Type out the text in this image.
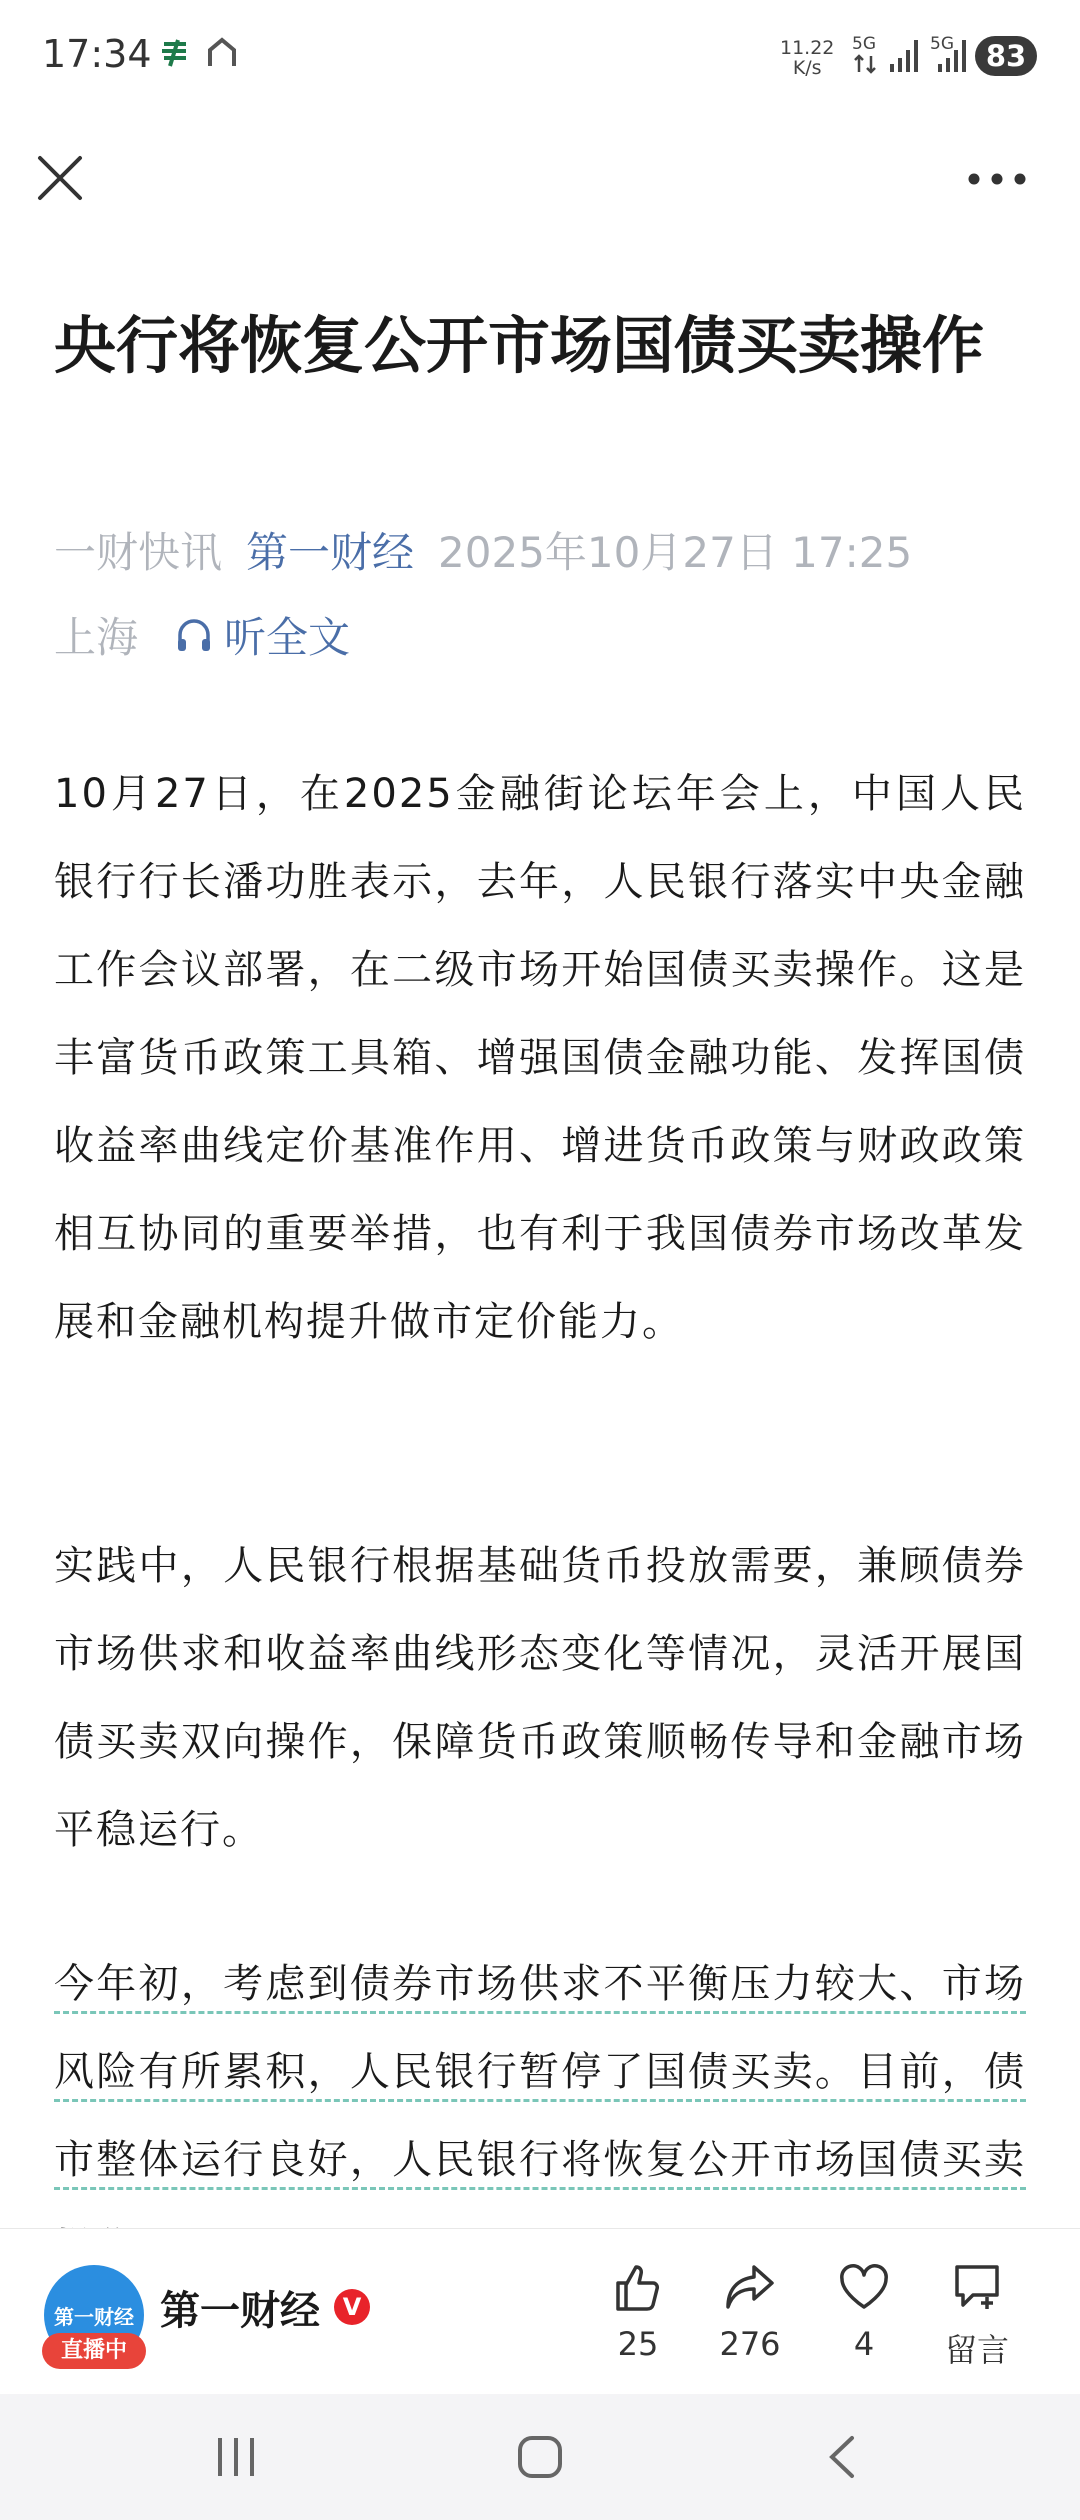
17:34	11.22
K/s
5G	5G	83
央行将恢复公开市场国债买卖操作
一财快讯 第一财经 2025年10月27日 17:25
上海 听全文

10月27日，在2025金融街论坛年会上，中国人民银行行长潘功胜表示，去年，人民银行落实中央金融工作会议部署，在二级市场开始国债买卖操作。这是丰富货币政策工具箱、增强国债金融功能、发挥国债收益率曲线定价基准作用、增进货币政策与财政政策相互协同的重要举措，也有利于我国债券市场改革发展和金融机构提升做市定价能力。

实践中，人民银行根据基础货币投放需要，兼顾债券市场供求和收益率曲线形态变化等情况，灵活开展国债买卖双向操作，保障货币政策顺畅传导和金融市场平稳运行。

今年初，考虑到债券市场供求不平衡压力较大、市场风险有所累积，人民银行暂停了国债买卖。目前，债市整体运行良好，人民银行将恢复公开市场国债买卖

第一财经
直播中
第一财经 V
25	276	4	留言
